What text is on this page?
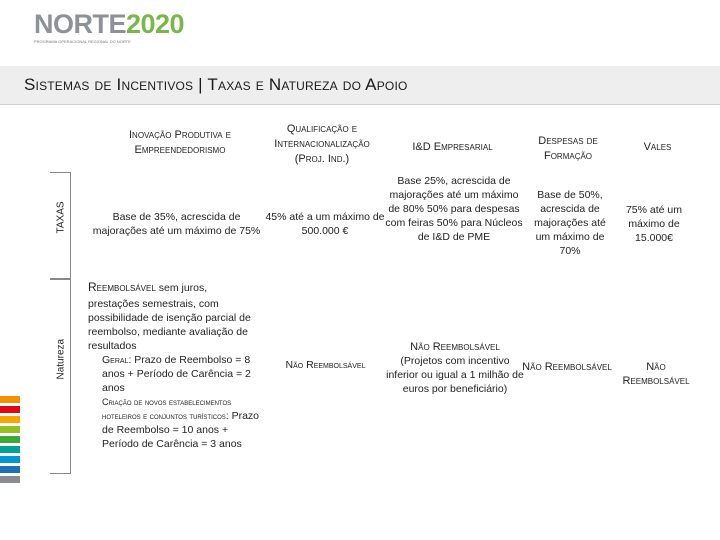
NORTE2020
PROGRAMA OPERACIONAL REGIONAL DO NORTE
Sistemas de Incentivos | Taxas e Natureza do Apoio
TAXAS
Natureza
Inovação Produtiva e Empreendedorismo
Qualificação e
Internacionalização
(Proj. Ind.)
I&D Empresarial	Despesas de Formação
Vales
Base de 35%, acrescida de majorações até um máximo de 75%
45% até a um máximo de 500.000 €
Base 25%, acrescida de majorações até um máximo de 80% 50% para despesas com feiras 50% para Núcleos de I&D de PME
Base de 50%, acrescida de majorações até um máximo de 70%
75% até um máximo de 15.000€
Reembolsável sem juros,
prestações semestrais, com possibilidade de isenção parcial de reembolso, mediante avaliação de resultados
Geral: Prazo de Reembolso = 8 anos + Período de Carência = 2 anos
Criação de novos estabelecimentos hoteleiros e conjuntos turísticos: Prazo de Reembolso = 10 anos + Período de Carência = 3 anos
Não Reembolsável
Não Reembolsável
(Projetos com incentivo inferior ou igual a 1 milhão de euros por beneficiário)
Não Reembolsável	Não Reembolsável
